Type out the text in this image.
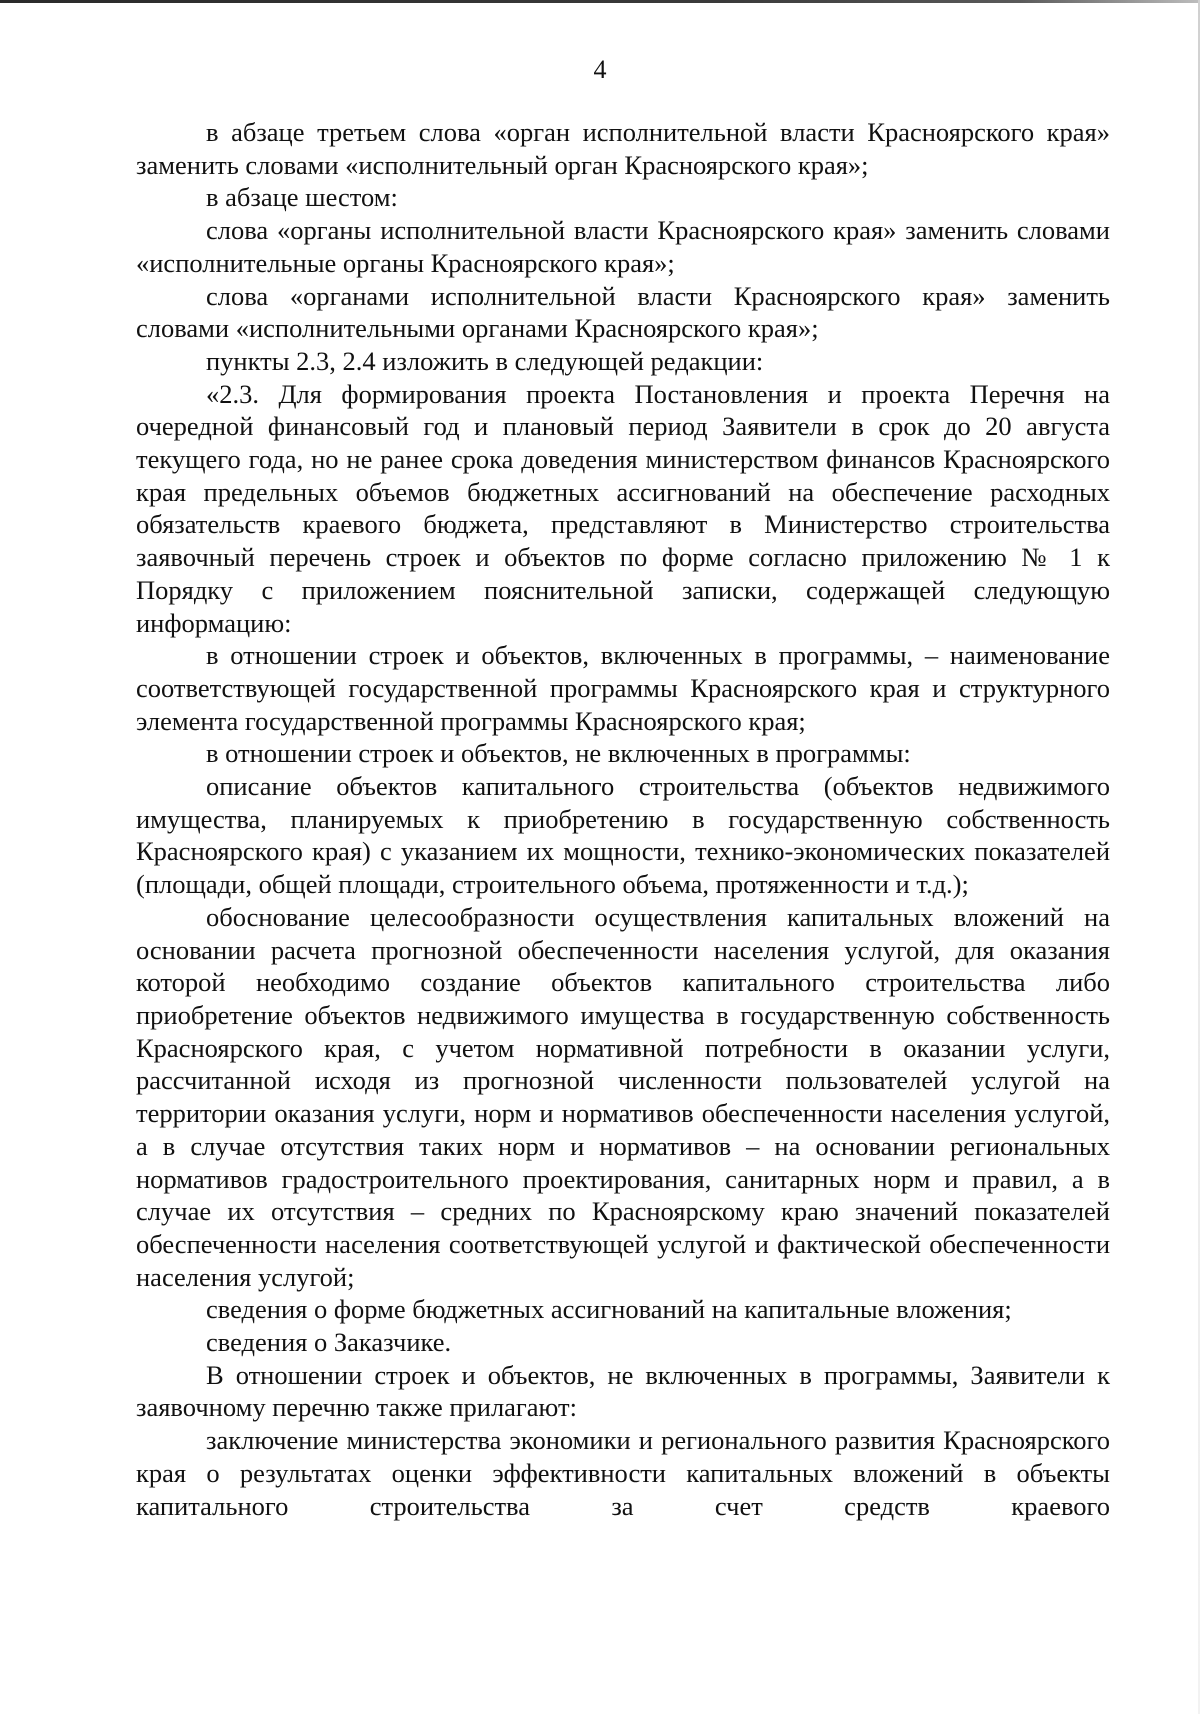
4

в абзаце третьем слова «орган исполнительной власти Красноярского края» заменить словами «исполнительный орган Красноярского края»;

в абзаце шестом:

слова «органы исполнительной власти Красноярского края» заменить словами «исполнительные органы Красноярского края»;

слова «органами исполнительной власти Красноярского края» заменить словами «исполнительными органами Красноярского края»;

пункты 2.3, 2.4 изложить в следующей редакции:

«2.3. Для формирования проекта Постановления и проекта Перечня на очередной финансовый год и плановый период Заявители в срок до 20 августа текущего года, но не ранее срока доведения министерством финансов Красноярского края предельных объемов бюджетных ассигнований на обеспечение расходных обязательств краевого бюджета, представляют в Министерство строительства заявочный перечень строек и объектов по форме согласно приложению № 1 к Порядку с приложением пояснительной записки, содержащей следующую информацию:

в отношении строек и объектов, включенных в программы, – наименование соответствующей государственной программы Красноярского края и структурного элемента государственной программы Красноярского края;

в отношении строек и объектов, не включенных в программы:

описание объектов капитального строительства (объектов недвижимого имущества, планируемых к приобретению в государственную собственность Красноярского края) с указанием их мощности, технико-экономических показателей (площади, общей площади, строительного объема, протяженности и т.д.);

обоснование целесообразности осуществления капитальных вложений на основании расчета прогнозной обеспеченности населения услугой, для оказания которой необходимо создание объектов капитального строительства либо приобретение объектов недвижимого имущества в государственную собственность Красноярского края, с учетом нормативной потребности в оказании услуги, рассчитанной исходя из прогнозной численности пользователей услугой на территории оказания услуги, норм и нормативов обеспеченности населения услугой, а в случае отсутствия таких норм и нормативов – на основании региональных нормативов градостроительного проектирования, санитарных норм и правил, а в случае их отсутствия – средних по Красноярскому краю значений показателей обеспеченности населения соответствующей услугой и фактической обеспеченности населения услугой;

сведения о форме бюджетных ассигнований на капитальные вложения;

сведения о Заказчике.

В отношении строек и объектов, не включенных в программы, Заявители к заявочному перечню также прилагают:

заключение министерства экономики и регионального развития Красноярского края о результатах оценки эффективности капитальных вложений в объекты капитального строительства за счет средств краевого
